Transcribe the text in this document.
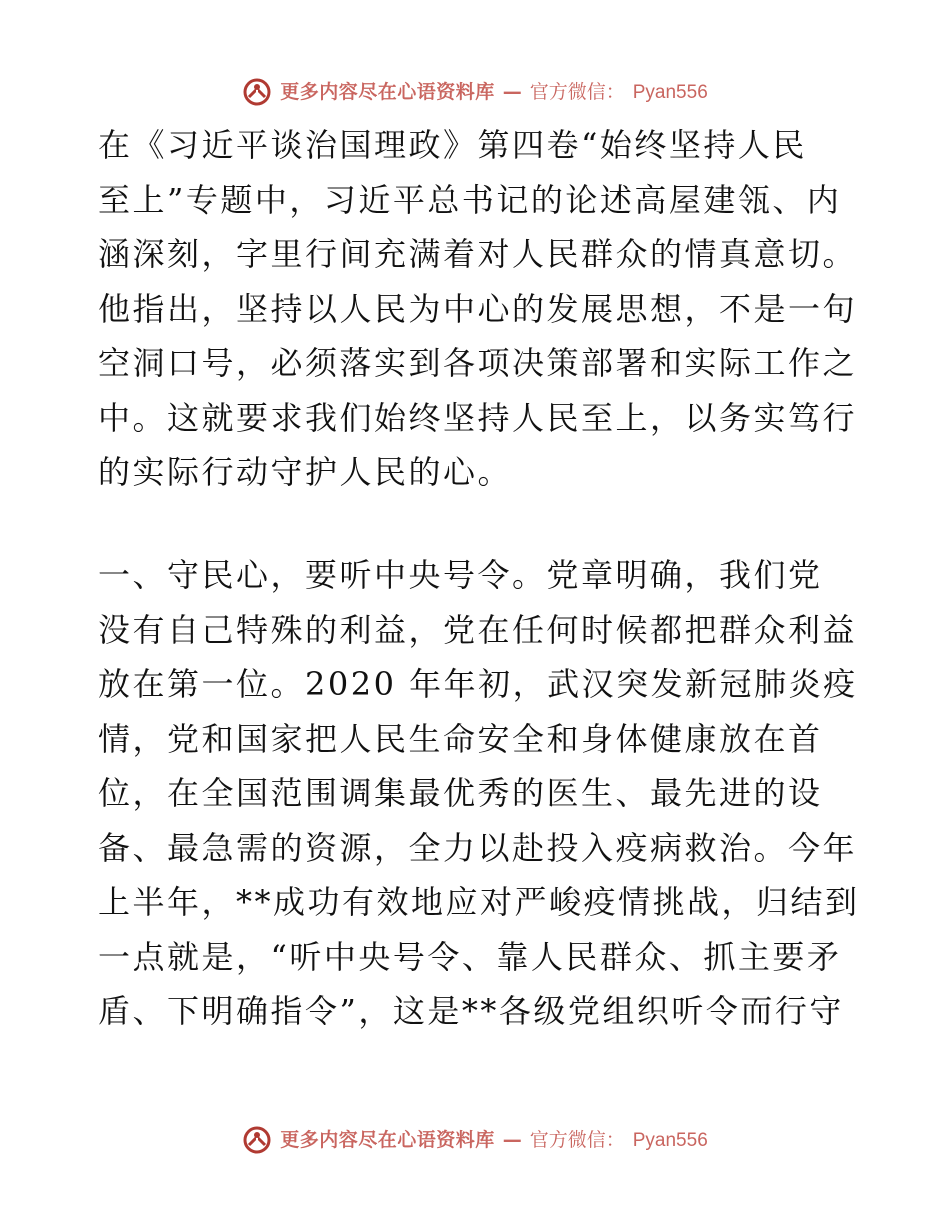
更多内容尽在心语资料库 — 官方微信： Pyan556
在《习近平谈治国理政》第四卷“始终坚持人民
至上”专题中，习近平总书记的论述高屋建瓴、内
涵深刻，字里行间充满着对人民群众的情真意切。
他指出，坚持以人民为中心的发展思想，不是一句
空洞口号，必须落实到各项决策部署和实际工作之
中。这就要求我们始终坚持人民至上，以务实笃行
的实际行动守护人民的心。
一、守民心，要听中央号令。党章明确，我们党
没有自己特殊的利益，党在任何时候都把群众利益
放在第一位。2020 年年初，武汉突发新冠肺炎疫
情，党和国家把人民生命安全和身体健康放在首
位，在全国范围调集最优秀的医生、最先进的设
备、最急需的资源，全力以赴投入疫病救治。今年
上半年，**成功有效地应对严峻疫情挑战，归结到
一点就是，“听中央号令、靠人民群众、抓主要矛
盾、下明确指令”，这是**各级党组织听令而行守
更多内容尽在心语资料库 — 官方微信： Pyan556
